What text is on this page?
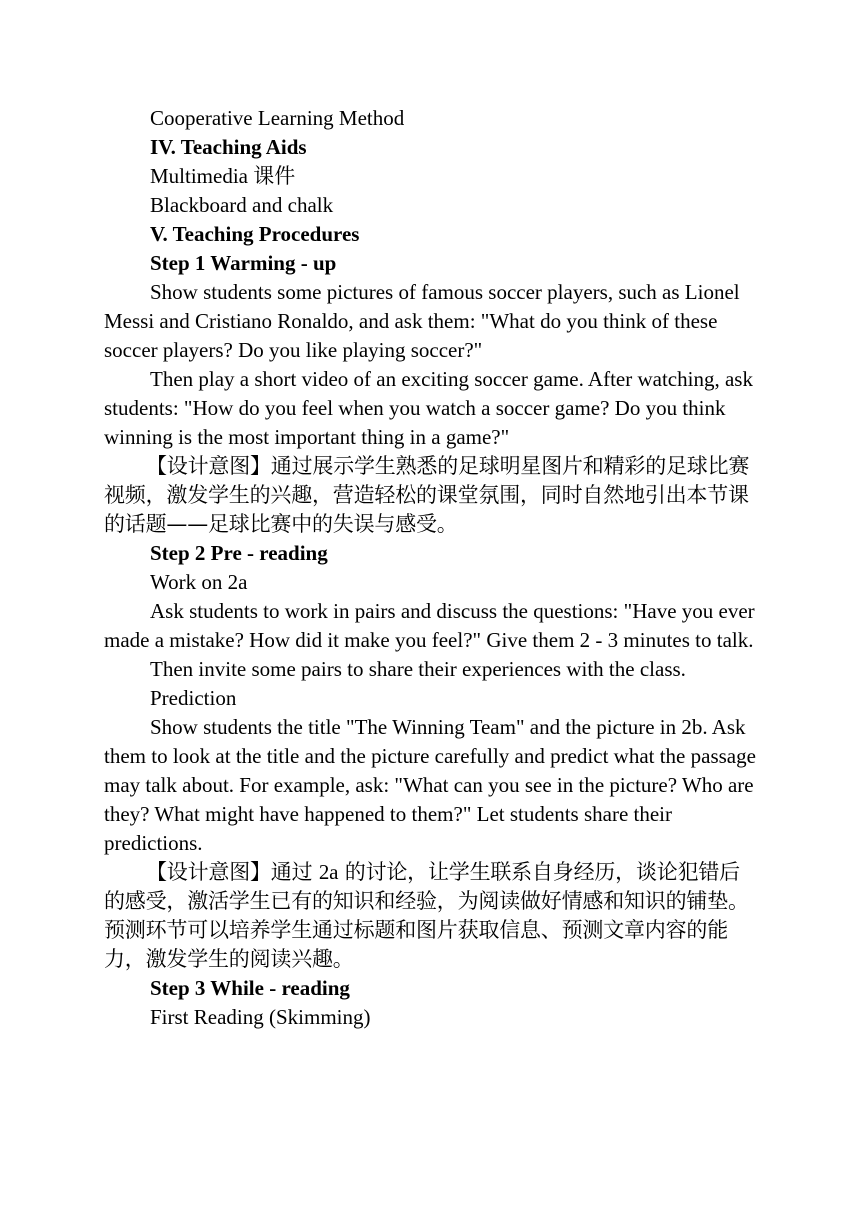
Cooperative Learning Method

IV. Teaching Aids

Multimedia 课件

Blackboard and chalk

V. Teaching Procedures

Step 1 Warming - up

Show students some pictures of famous soccer players, such as Lionel Messi and Cristiano Ronaldo, and ask them: "What do you think of these soccer players? Do you like playing soccer?"

Then play a short video of an exciting soccer game. After watching, ask students: "How do you feel when you watch a soccer game? Do you think winning is the most important thing in a game?"

【设计意图】通过展示学生熟悉的足球明星图片和精彩的足球比赛视频，激发学生的兴趣，营造轻松的课堂氛围，同时自然地引出本节课的话题——足球比赛中的失误与感受。

Step 2 Pre - reading

Work on 2a

Ask students to work in pairs and discuss the questions: "Have you ever made a mistake? How did it make you feel?" Give them 2 - 3 minutes to talk.

Then invite some pairs to share their experiences with the class.

Prediction

Show students the title "The Winning Team" and the picture in 2b. Ask them to look at the title and the picture carefully and predict what the passage may talk about. For example, ask: "What can you see in the picture? Who are they? What might have happened to them?" Let students share their predictions.

【设计意图】通过 2a 的讨论，让学生联系自身经历，谈论犯错后的感受，激活学生已有的知识和经验，为阅读做好情感和知识的铺垫。预测环节可以培养学生通过标题和图片获取信息、预测文章内容的能力，激发学生的阅读兴趣。

Step 3 While - reading

First Reading (Skimming)
